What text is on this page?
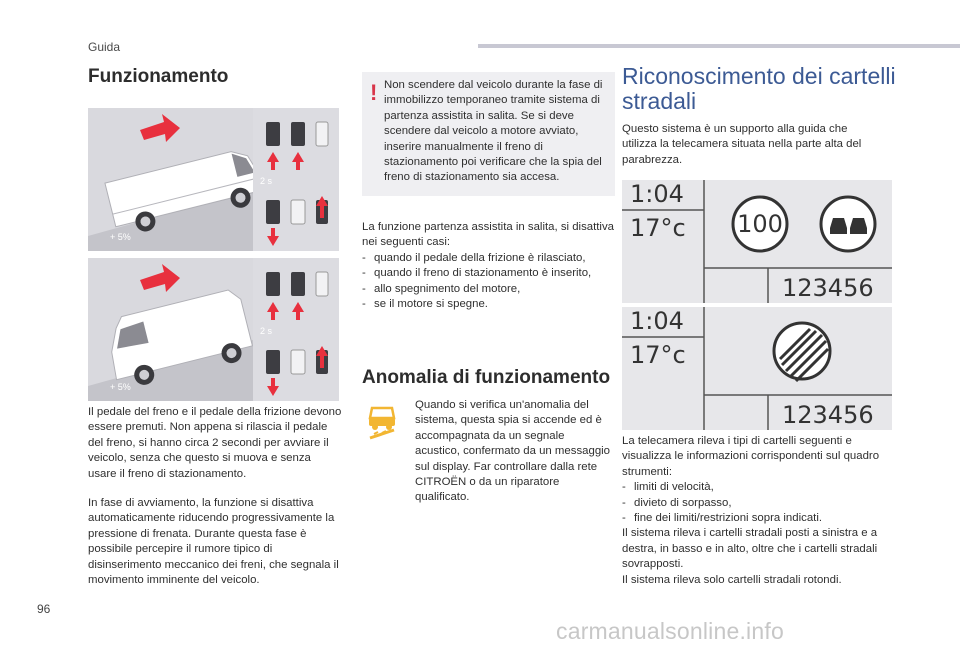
Guida
Funzionamento
+ 5%
2 s
+ 5%
2 s
Il pedale del freno e il pedale della frizione devono essere premuti. Non appena si rilascia il pedale del freno, si hanno circa 2 secondi per avviare il veicolo, senza che questo si muova e senza usare il freno di stazionamento.
In fase di avviamento, la funzione si disattiva automaticamente riducendo progressivamente la pressione di frenata. Durante questa fase è possibile percepire il rumore tipico di disinserimento meccanico dei freni, che segnala il movimento imminente del veicolo.
! Non scendere dal veicolo durante la fase di immobilizzo temporaneo tramite sistema di partenza assistita in salita. Se si deve scendere dal veicolo a motore avviato, inserire manualmente il freno di stazionamento poi verificare che la spia del freno di stazionamento sia accesa.
La funzione partenza assistita in salita, si disattiva nei seguenti casi:
- quando il pedale della frizione è rilasciato,
- quando il freno di stazionamento è inserito,
- allo spegnimento del motore,
- se il motore si spegne.
Anomalia di funzionamento
Quando si verifica un'anomalia del sistema, questa spia si accende ed è accompagnata da un segnale acustico, confermato da un messaggio sul display. Far controllare dalla rete CITROËN o da un riparatore qualificato.
Riconoscimento dei cartelli stradali
Questo sistema è un supporto alla guida che utilizza la telecamera situata nella parte alta del parabrezza.
1:04
17°c 100
123456
1:04
17°c
123456
La telecamera rileva i tipi di cartelli seguenti e visualizza le informazioni corrispondenti sul quadro strumenti:
- limiti di velocità,
- divieto di sorpasso,
- fine dei limiti/restrizioni sopra indicati.
Il sistema rileva i cartelli stradali posti a sinistra e a destra, in basso e in alto, oltre che i cartelli stradali sovrapposti.
Il sistema rileva solo cartelli stradali rotondi.
96
carmanualsonline.info
